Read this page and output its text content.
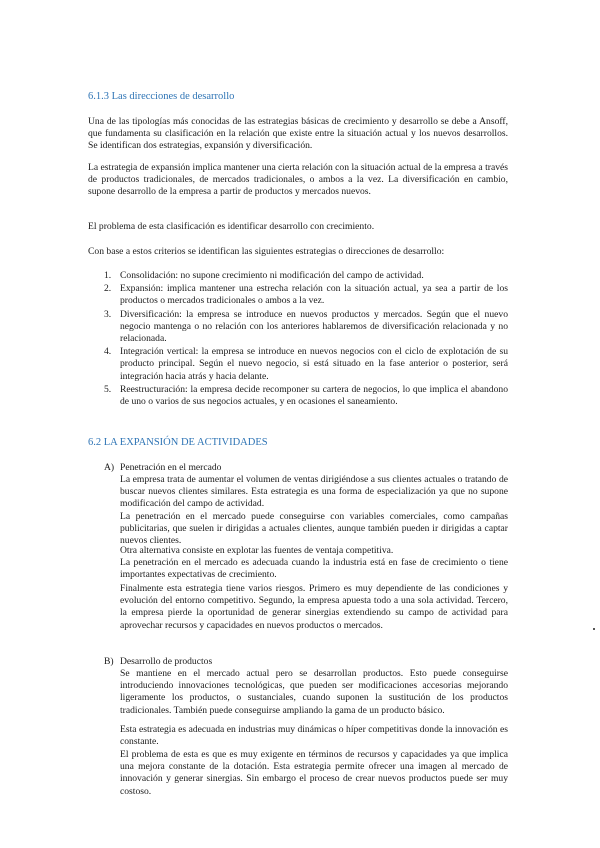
6.1.3 Las direcciones de desarrollo

Una de las tipologías más conocidas de las estrategias básicas de crecimiento y desarrollo se debe a Ansoff, que fundamenta su clasificación en la relación que existe entre la situación actual y los nuevos desarrollos. Se identifican dos estrategias, expansión y diversificación.

La estrategia de expansión implica mantener una cierta relación con la situación actual de la empresa a través de productos tradicionales, de mercados tradicionales, o ambos a la vez. La diversificación en cambio, supone desarrollo de la empresa a partir de productos y mercados nuevos.

El problema de esta clasificación es identificar desarrollo con crecimiento.

Con base a estos criterios se identifican las siguientes estrategias o direcciones de desarrollo:

1. Consolidación: no supone crecimiento ni modificación del campo de actividad.
2. Expansión: implica mantener una estrecha relación con la situación actual, ya sea a partir de los productos o mercados tradicionales o ambos a la vez.
3. Diversificación: la empresa se introduce en nuevos productos y mercados. Según que el nuevo negocio mantenga o no relación con los anteriores hablaremos de diversificación relacionada y no relacionada.
4. Integración vertical: la empresa se introduce en nuevos negocios con el ciclo de explotación de su producto principal. Según el nuevo negocio, si está situado en la fase anterior o posterior, será integración hacia atrás y hacia delante.
5. Reestructuración: la empresa decide recomponer su cartera de negocios, lo que implica el abandono de uno o varios de sus negocios actuales, y en ocasiones el saneamiento.
6.2 LA EXPANSIÓN DE ACTIVIDADES
A) Penetración en el mercado

La empresa trata de aumentar el volumen de ventas dirigiéndose a sus clientes actuales o tratando de buscar nuevos clientes similares. Esta estrategia es una forma de especialización ya que no supone modificación del campo de actividad.

La penetración en el mercado puede conseguirse con variables comerciales, como campañas publicitarias, que suelen ir dirigidas a actuales clientes, aunque también pueden ir dirigidas a captar nuevos clientes.

Otra alternativa consiste en explotar las fuentes de ventaja competitiva.

La penetración en el mercado es adecuada cuando la industria está en fase de crecimiento o tiene importantes expectativas de crecimiento.

Finalmente esta estrategia tiene varios riesgos. Primero es muy dependiente de las condiciones y evolución del entorno competitivo. Segundo, la empresa apuesta todo a una sola actividad. Tercero, la empresa pierde la oportunidad de generar sinergias extendiendo su campo de actividad para aprovechar recursos y capacidades en nuevos productos o mercados.

B) Desarrollo de productos

Se mantiene en el mercado actual pero se desarrollan productos. Esto puede conseguirse introduciendo innovaciones tecnológicas, que pueden ser modificaciones accesorias mejorando ligeramente los productos, o sustanciales, cuando suponen la sustitución de los productos tradicionales. También puede conseguirse ampliando la gama de un producto básico.

Esta estrategia es adecuada en industrias muy dinámicas o híper competitivas donde la innovación es constante.

El problema de esta es que es muy exigente en términos de recursos y capacidades ya que implica una mejora constante de la dotación. Esta estrategia permite ofrecer una imagen al mercado de innovación y generar sinergias. Sin embargo el proceso de crear nuevos productos puede ser muy costoso.
